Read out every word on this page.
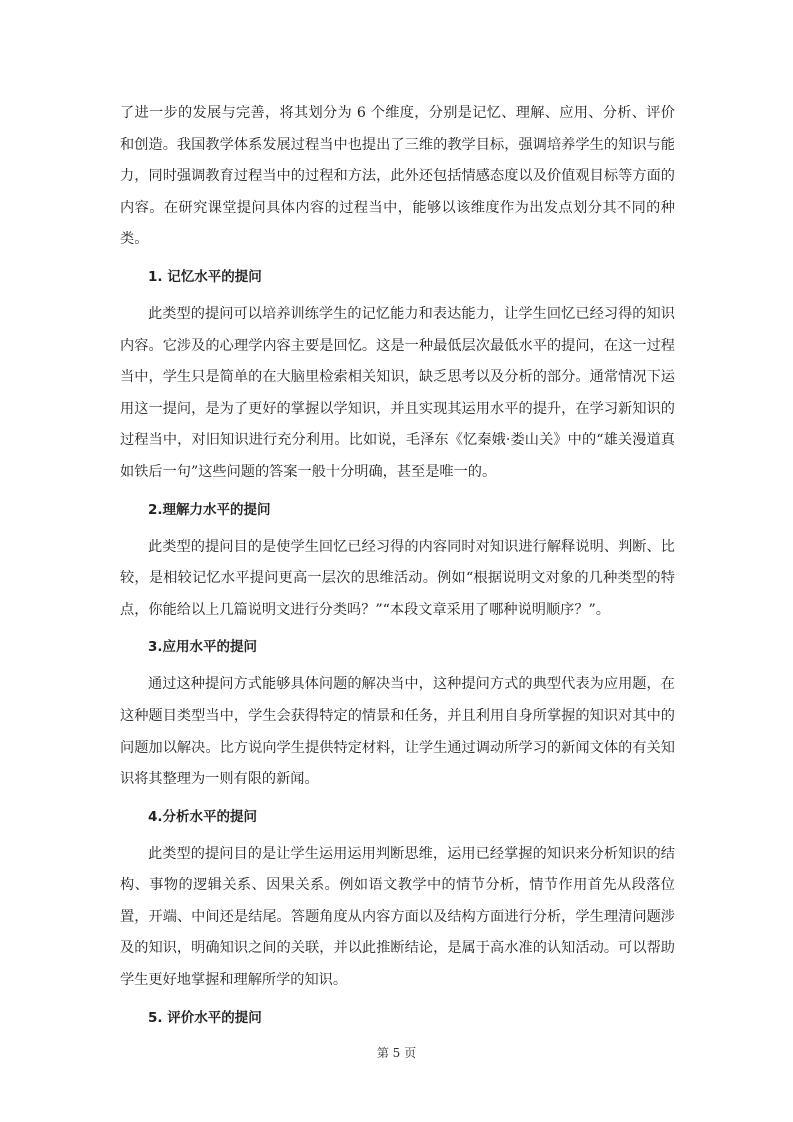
了进一步的发展与完善，将其划分为 6 个维度，分别是记忆、理解、应用、分析、评价和创造。我国教学体系发展过程当中也提出了三维的教学目标，强调培养学生的知识与能力，同时强调教育过程当中的过程和方法，此外还包括情感态度以及价值观目标等方面的内容。在研究课堂提问具体内容的过程当中，能够以该维度作为出发点划分其不同的种类。

1. 记忆水平的提问

此类型的提问可以培养训练学生的记忆能力和表达能力，让学生回忆已经习得的知识内容。它涉及的心理学内容主要是回忆。这是一种最低层次最低水平的提问，在这一过程当中，学生只是简单的在大脑里检索相关知识，缺乏思考以及分析的部分。通常情况下运用这一提问，是为了更好的掌握以学知识，并且实现其运用水平的提升，在学习新知识的过程当中，对旧知识进行充分利用。比如说，毛泽东《忆秦娥·娄山关》中的“雄关漫道真如铁后一句”这些问题的答案一般十分明确，甚至是唯一的。

2.理解力水平的提问

此类型的提问目的是使学生回忆已经习得的内容同时对知识进行解释说明、判断、比较，是相较记忆水平提问更高一层次的思维活动。例如“根据说明文对象的几种类型的特点，你能给以上几篇说明文进行分类吗？”“本段文章采用了哪种说明顺序？”。

3.应用水平的提问

通过这种提问方式能够具体问题的解决当中，这种提问方式的典型代表为应用题，在这种题目类型当中，学生会获得特定的情景和任务，并且利用自身所掌握的知识对其中的问题加以解决。比方说向学生提供特定材料，让学生通过调动所学习的新闻文体的有关知识将其整理为一则有限的新闻。

4.分析水平的提问

此类型的提问目的是让学生运用运用判断思维，运用已经掌握的知识来分析知识的结构、事物的逻辑关系、因果关系。例如语文教学中的情节分析，情节作用首先从段落位置，开端、中间还是结尾。答题角度从内容方面以及结构方面进行分析，学生理清问题涉及的知识，明确知识之间的关联，并以此推断结论，是属于高水准的认知活动。可以帮助学生更好地掌握和理解所学的知识。

5. 评价水平的提问
第 5 页
